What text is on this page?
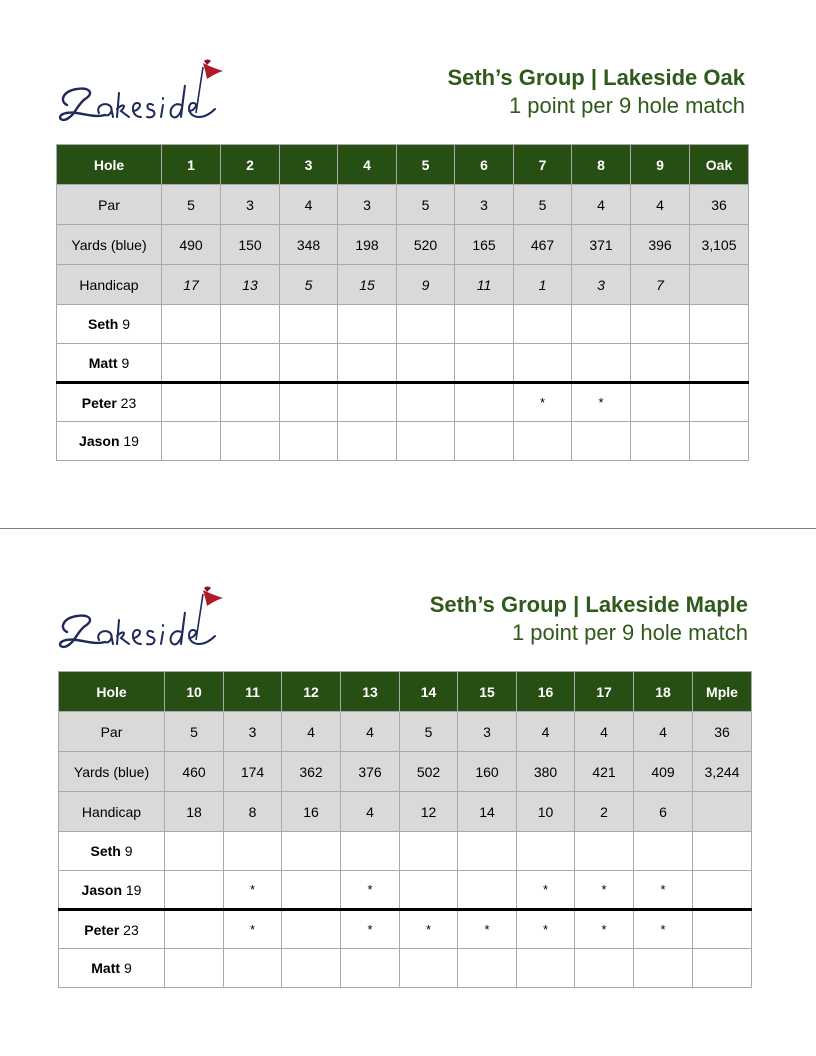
Lakeside
Seth’s Group | Lakeside Oak
1 point per 9 hole match
Hole	1	2	3	4	5	6	7	8	9	Oak
Par	5	3	4	3	5	3	5	4	4	36
Yards (blue)	490	150	348	198	520	165	467	371	396	3,105
Handicap	17	13	5	15	9	11	1	3	7	
Seth 9										
Matt 9										
Peter 23							*	*		
Jason 19										
Lakeside
Seth’s Group | Lakeside Maple
1 point per 9 hole match
Hole	10	11	12	13	14	15	16	17	18	Mple
Par	5	3	4	4	5	3	4	4	4	36
Yards (blue)	460	174	362	376	502	160	380	421	409	3,244
Handicap	18	8	16	4	12	14	10	2	6	
Seth 9										
Jason 19		*		*			*	*	*	
Peter 23		*		*	*	*	*	*	*	
Matt 9										
